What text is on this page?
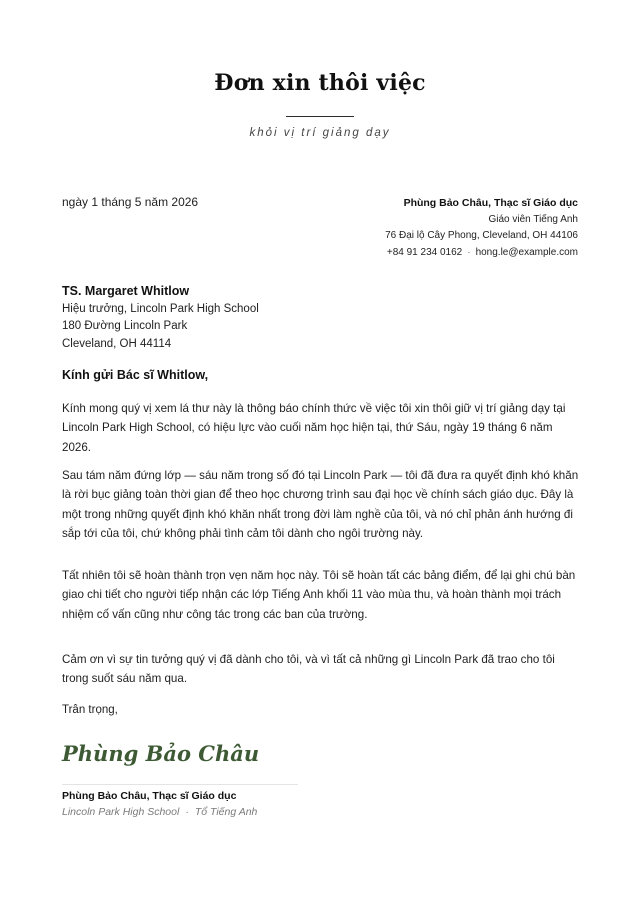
Đơn xin thôi việc
khỏi vị trí giảng dạy
ngày 1 tháng 5 năm 2026	Phùng Bảo Châu, Thạc sĩ Giáo dục
Giáo viên Tiếng Anh
76 Đại lộ Cây Phong, Cleveland, OH 44106
+84 91 234 0162 · hong.le@example.com
TS. Margaret Whitlow
Hiệu trưởng, Lincoln Park High School
180 Đường Lincoln Park
Cleveland, OH 44114
Kính gửi Bác sĩ Whitlow,

Kính mong quý vị xem lá thư này là thông báo chính thức về việc tôi xin thôi giữ vị trí giảng dạy tại Lincoln Park High School, có hiệu lực vào cuối năm học hiện tại, thứ Sáu, ngày 19 tháng 6 năm 2026.

Sau tám năm đứng lớp — sáu năm trong số đó tại Lincoln Park — tôi đã đưa ra quyết định khó khăn là rời bục giảng toàn thời gian để theo học chương trình sau đại học về chính sách giáo dục. Đây là một trong những quyết định khó khăn nhất trong đời làm nghề của tôi, và nó chỉ phản ánh hướng đi sắp tới của tôi, chứ không phải tình cảm tôi dành cho ngôi trường này.

Tất nhiên tôi sẽ hoàn thành trọn vẹn năm học này. Tôi sẽ hoàn tất các bảng điểm, để lại ghi chú bàn giao chi tiết cho người tiếp nhận các lớp Tiếng Anh khối 11 vào mùa thu, và hoàn thành mọi trách nhiệm cố vấn cũng như công tác trong các ban của trường.

Cảm ơn vì sự tin tưởng quý vị đã dành cho tôi, và vì tất cả những gì Lincoln Park đã trao cho tôi trong suốt sáu năm qua.

Trân trọng,
Phùng Bảo Châu
Phùng Bảo Châu, Thạc sĩ Giáo dục
Lincoln Park High School · Tổ Tiếng Anh
